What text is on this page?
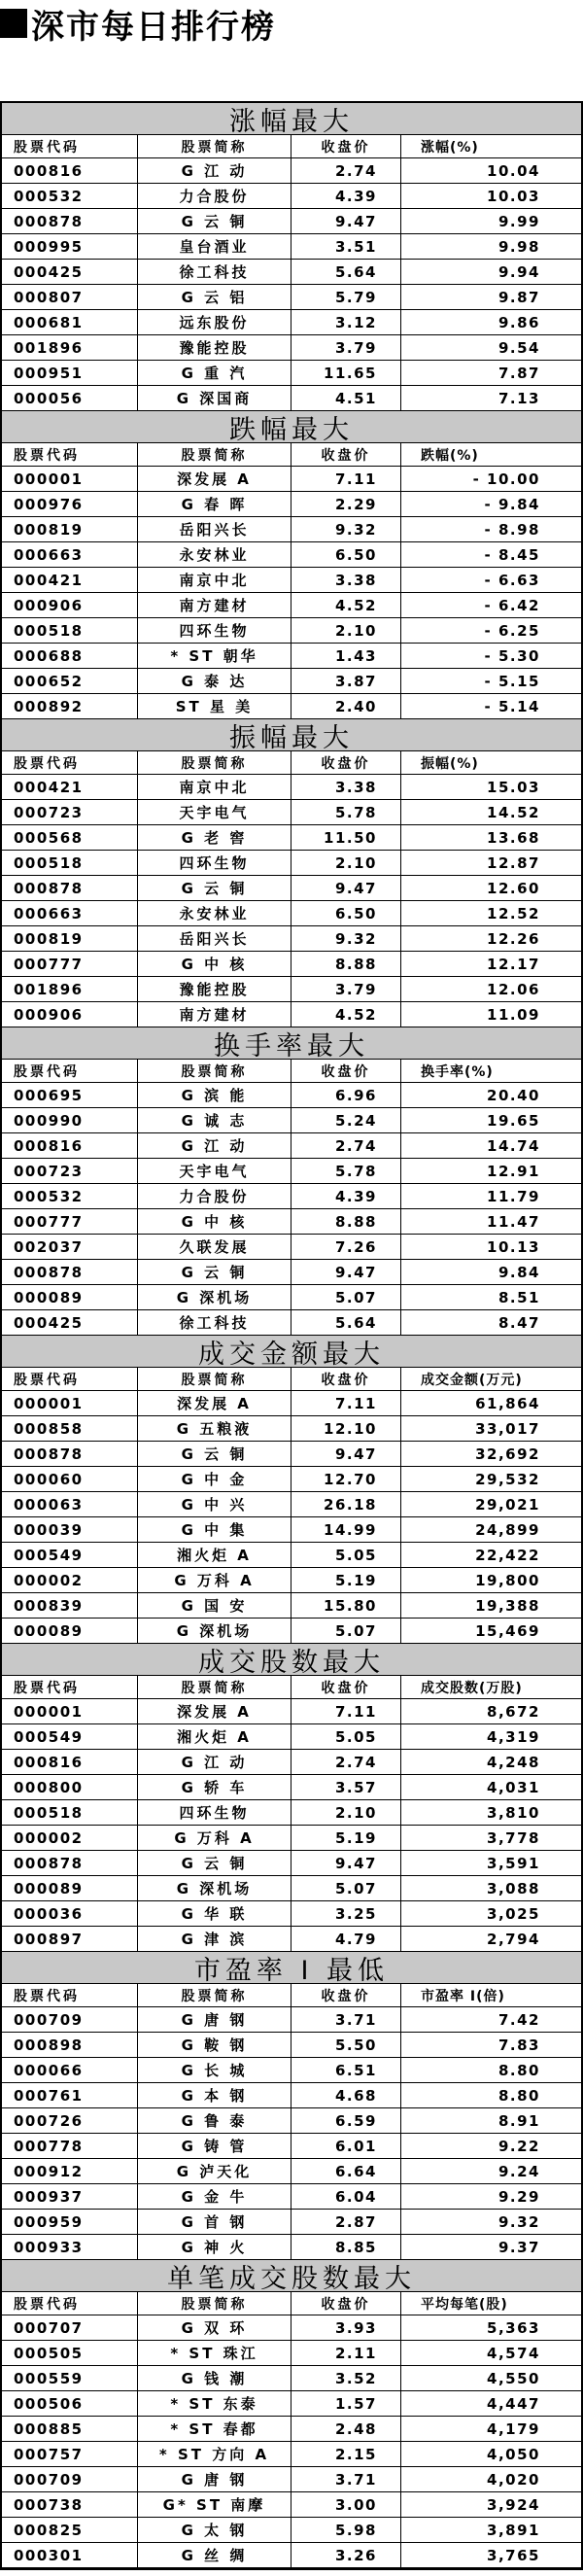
深市每日排行榜
涨幅最大
股票代码	股票简称	收盘价	涨幅(%)
000816	G 江 动	2.74	10.04
000532	力合股份	4.39	10.03
000878	G 云 铜	9.47	9.99
000995	皇台酒业	3.51	9.98
000425	徐工科技	5.64	9.94
000807	G 云 铝	5.79	9.87
000681	远东股份	3.12	9.86
001896	豫能控股	3.79	9.54
000951	G 重 汽	11.65	7.87
000056	G 深国商	4.51	7.13
跌幅最大
股票代码	股票简称	收盘价	跌幅(%)
000001	深发展 A	7.11	- 10.00
000976	G 春 晖	2.29	- 9.84
000819	岳阳兴长	9.32	- 8.98
000663	永安林业	6.50	- 8.45
000421	南京中北	3.38	- 6.63
000906	南方建材	4.52	- 6.42
000518	四环生物	2.10	- 6.25
000688	* ST 朝华	1.43	- 5.30
000652	G 泰 达	3.87	- 5.15
000892	ST 星 美	2.40	- 5.14
振幅最大
股票代码	股票简称	收盘价	振幅(%)
000421	南京中北	3.38	15.03
000723	天宇电气	5.78	14.52
000568	G 老 窖	11.50	13.68
000518	四环生物	2.10	12.87
000878	G 云 铜	9.47	12.60
000663	永安林业	6.50	12.52
000819	岳阳兴长	9.32	12.26
000777	G 中 核	8.88	12.17
001896	豫能控股	3.79	12.06
000906	南方建材	4.52	11.09
换手率最大
股票代码	股票简称	收盘价	换手率(%)
000695	G 滨 能	6.96	20.40
000990	G 诚 志	5.24	19.65
000816	G 江 动	2.74	14.74
000723	天宇电气	5.78	12.91
000532	力合股份	4.39	11.79
000777	G 中 核	8.88	11.47
002037	久联发展	7.26	10.13
000878	G 云 铜	9.47	9.84
000089	G 深机场	5.07	8.51
000425	徐工科技	5.64	8.47
成交金额最大
股票代码	股票简称	收盘价	成交金额(万元)
000001	深发展 A	7.11	61,864
000858	G 五粮液	12.10	33,017
000878	G 云 铜	9.47	32,692
000060	G 中 金	12.70	29,532
000063	G 中 兴	26.18	29,021
000039	G 中 集	14.99	24,899
000549	湘火炬 A	5.05	22,422
000002	G 万科 A	5.19	19,800
000839	G 国 安	15.80	19,388
000089	G 深机场	5.07	15,469
成交股数最大
股票代码	股票简称	收盘价	成交股数(万股)
000001	深发展 A	7.11	8,672
000549	湘火炬 A	5.05	4,319
000816	G 江 动	2.74	4,248
000800	G 轿 车	3.57	4,031
000518	四环生物	2.10	3,810
000002	G 万科 A	5.19	3,778
000878	G 云 铜	9.47	3,591
000089	G 深机场	5.07	3,088
000036	G 华 联	3.25	3,025
000897	G 津 滨	4.79	2,794
市盈率 I 最低
股票代码	股票简称	收盘价	市盈率 I(倍)
000709	G 唐 钢	3.71	7.42
000898	G 鞍 钢	5.50	7.83
000066	G 长 城	6.51	8.80
000761	G 本 钢	4.68	8.80
000726	G 鲁 泰	6.59	8.91
000778	G 铸 管	6.01	9.22
000912	G 泸天化	6.64	9.24
000937	G 金 牛	6.04	9.29
000959	G 首 钢	2.87	9.32
000933	G 神 火	8.85	9.37
单笔成交股数最大
股票代码	股票简称	收盘价	平均每笔(股)
000707	G 双 环	3.93	5,363
000505	* ST 珠江	2.11	4,574
000559	G 钱 潮	3.52	4,550
000506	* ST 东泰	1.57	4,447
000885	* ST 春都	2.48	4,179
000757	* ST 方向 A	2.15	4,050
000709	G 唐 钢	3.71	4,020
000738	G* ST 南摩	3.00	3,924
000825	G 太 钢	5.98	3,891
000301	G 丝 绸	3.26	3,765
